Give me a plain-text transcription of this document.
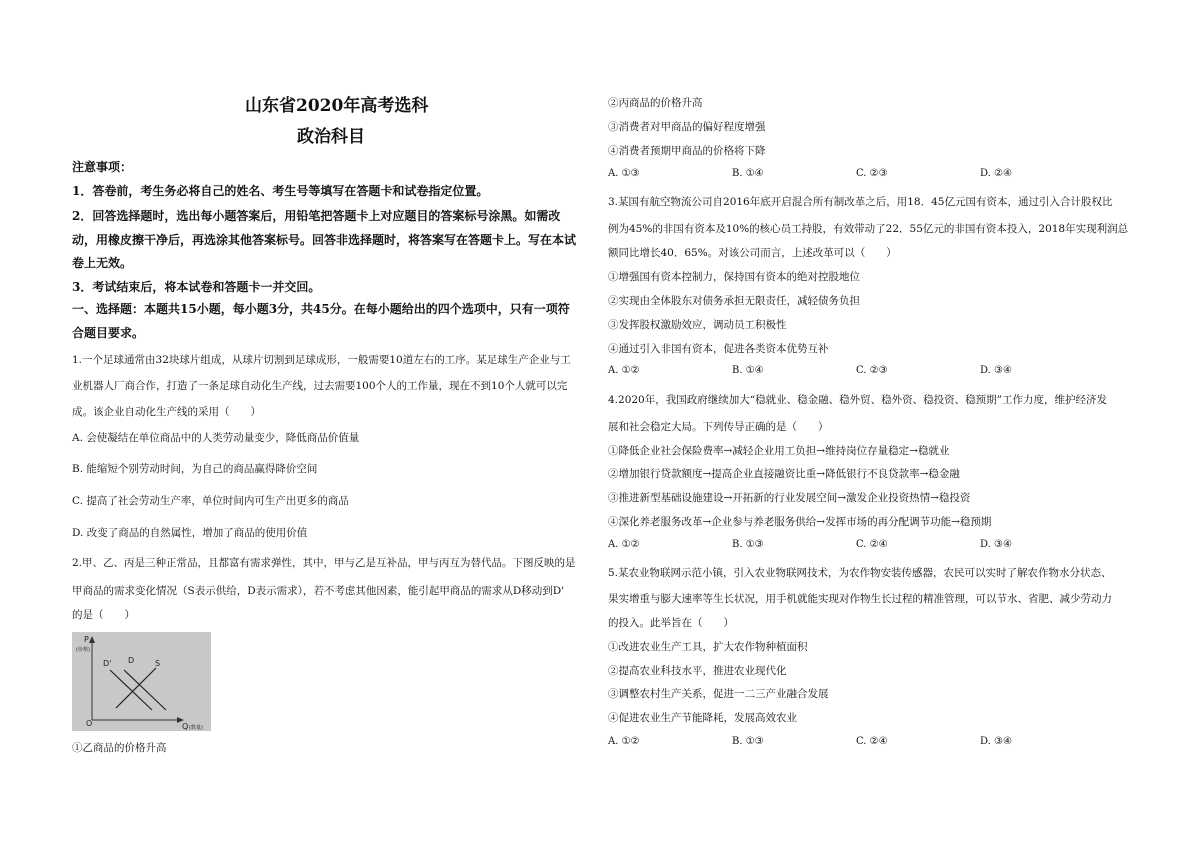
山东省2020年高考选科
政治科目
注意事项：
1．答卷前，考生务必将自己的姓名、考生号等填写在答题卡和试卷指定位置。
2．回答选择题时，选出每小题答案后，用铅笔把答题卡上对应题目的答案标号涂黑。如需改
动，用橡皮擦干净后，再选涂其他答案标号。回答非选择题时，将答案写在答题卡上。写在本试
卷上无效。
3．考试结束后，将本试卷和答题卡一并交回。
一、选择题：本题共15小题，每小题3分，共45分。在每小题给出的四个选项中，只有一项符
合题目要求。
1.一个足球通常由32块球片组成，从球片切割到足球成形，一般需要10道左右的工序。某足球生产企业与工
业机器人厂商合作，打造了一条足球自动化生产线，过去需要100个人的工作量，现在不到10个人就可以完
成。该企业自动化生产线的采用（　　）
A. 会使凝结在单位商品中的人类劳动量变少，降低商品价值量
B. 能缩短个别劳动时间，为自己的商品赢得降价空间
C. 提高了社会劳动生产率，单位时间内可生产出更多的商品
D. 改变了商品的自然属性，增加了商品的使用价值
2.甲、乙、丙是三种正常品，且都富有需求弹性，其中，甲与乙是互补品，甲与丙互为替代品。下图反映的是
甲商品的需求变化情况（S表示供给，D表示需求），若不考虑其他因素，能引起甲商品的需求从D移动到D'
的是（　　）
P
(价格)
O	Q (数量)
D' D	S
①乙商品的价格升高
②丙商品的价格升高
③消费者对甲商品的偏好程度增强
④消费者预期甲商品的价格将下降
A. ①③	B. ①④	C. ②③	D. ②④
3.某国有航空物流公司自2016年底开启混合所有制改革之后，用18．45亿元国有资本，通过引入合计股权比
例为45%的非国有资本及10%的核心员工持股，有效带动了22．55亿元的非国有资本投入，2018年实现利润总
额同比增长40．65%。对该公司而言，上述改革可以（　　）
①增强国有资本控制力，保持国有资本的绝对控股地位
②实现由全体股东对债务承担无限责任，减轻债务负担
③发挥股权激励效应，调动员工积极性
④通过引入非国有资本，促进各类资本优势互补
A. ①②	B. ①④	C. ②③	D. ③④
4.2020年，我国政府继续加大“稳就业、稳金融、稳外贸、稳外资、稳投资、稳预期”工作力度，维护经济发
展和社会稳定大局。下列传导正确的是（　　）
①降低企业社会保险费率→减轻企业用工负担→维持岗位存量稳定→稳就业
②增加银行贷款额度→提高企业直接融资比重→降低银行不良贷款率→稳金融
③推进新型基础设施建设→开拓新的行业发展空间→激发企业投资热情→稳投资
④深化养老服务改革→企业参与养老服务供给→发挥市场的再分配调节功能→稳预期
A. ①②	B. ①③	C. ②④	D. ③④
5.某农业物联网示范小镇，引入农业物联网技术，为农作物安装传感器，农民可以实时了解农作物水分状态、
果实增重与膨大速率等生长状况，用手机就能实现对作物生长过程的精准管理，可以节水、省肥、减少劳动力
的投入。此举旨在（　　）
①改进农业生产工具，扩大农作物种植面积
②提高农业科技水平，推进农业现代化
③调整农村生产关系，促进一二三产业融合发展
④促进农业生产节能降耗，发展高效农业
A. ①②	B. ①③	C. ②④	D. ③④
